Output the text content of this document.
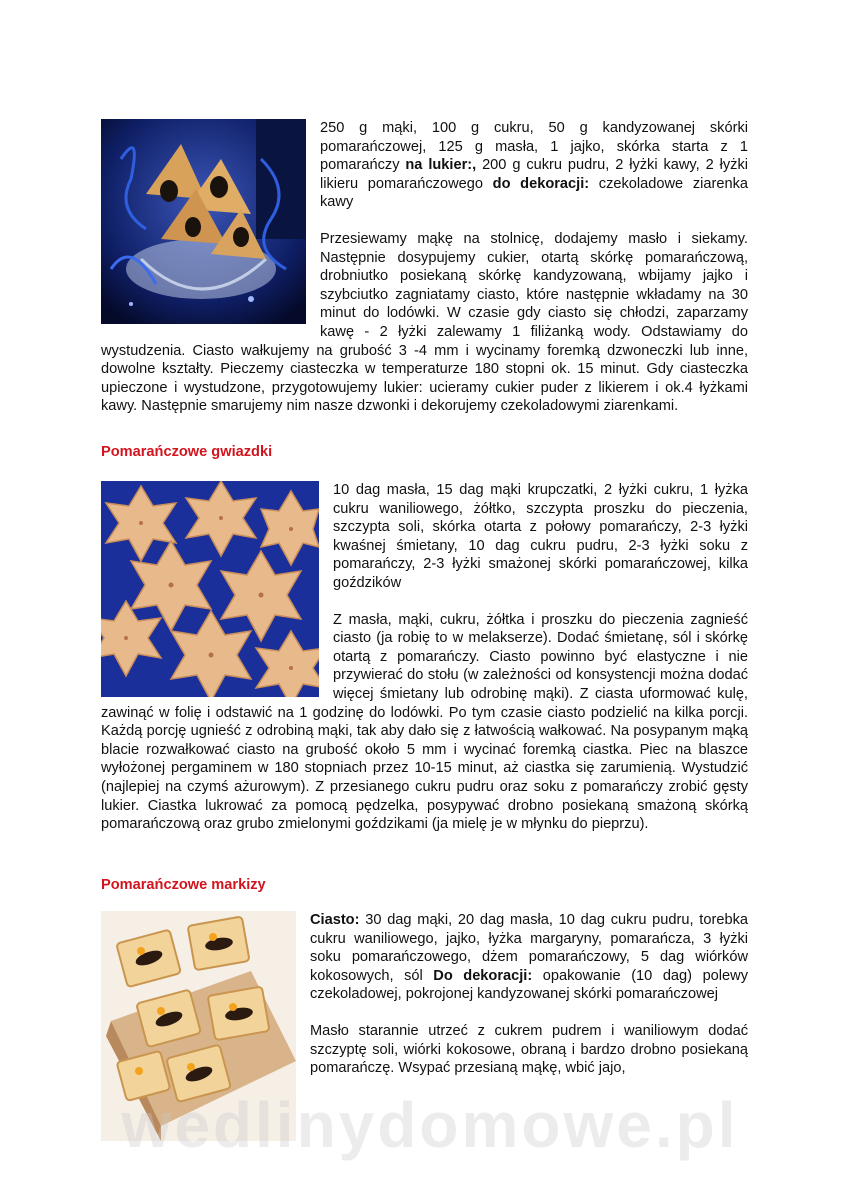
250 g mąki, 100 g cukru, 50 g kandyzowanej skórki pomarańczowej, 125 g masła, 1 jajko, skórka starta z 1 pomarańczy na lukier:, 200 g cukru pudru, 2 łyżki kawy, 2 łyżki likieru pomarańczowego do dekoracji: czekoladowe ziarenka kawy

Przesiewamy mąkę na stolnicę, dodajemy masło i siekamy. Następnie dosypujemy cukier, otartą skórkę pomarańczową, drobniutko posiekaną skórkę kandyzowaną, wbijamy jajko i szybciutko zagniatamy ciasto, które następnie wkładamy na 30 minut do lodówki. W czasie gdy ciasto się chłodzi, zaparzamy kawę - 2 łyżki zalewamy 1 filiżanką wody. Odstawiamy do wystudzenia. Ciasto wałkujemy na grubość 3 -4 mm i wycinamy foremką dzwoneczki lub inne, dowolne kształty. Pieczemy ciasteczka w temperaturze 180 stopni ok. 15 minut. Gdy ciasteczka upieczone i wystudzone, przygotowujemy lukier: ucieramy cukier puder z likierem i ok.4 łyżkami kawy. Następnie smarujemy nim nasze dzwonki i dekorujemy czekoladowymi ziarenkami.

Pomarańczowe gwiazdki

10 dag masła, 15 dag mąki krupczatki, 2 łyżki cukru, 1 łyżka cukru waniliowego, żółtko, szczypta proszku do pieczenia, szczypta soli, skórka otarta z połowy pomarańczy, 2-3 łyżki kwaśnej śmietany, 10 dag cukru pudru, 2-3 łyżki soku z pomarańczy, 2-3 łyżki smażonej skórki pomarańczowej, kilka goździków

Z masła, mąki, cukru, żółtka i proszku do pieczenia zagnieść ciasto (ja robię to w melakserze). Dodać śmietanę, sól i skórkę otartą z pomarańczy. Ciasto powinno być elastyczne i nie przywierać do stołu (w zależności od konsystencji można dodać więcej śmietany lub odrobinę mąki). Z ciasta uformować kulę, zawinąć w folię i odstawić na 1 godzinę do lodówki. Po tym czasie ciasto podzielić na kilka porcji. Każdą porcję ugnieść z odrobiną mąki, tak aby dało się z łatwością wałkować. Na posypanym mąką blacie rozwałkować ciasto na grubość około 5 mm i wycinać foremką ciastka. Piec na blaszce wyłożonej pergaminem w 180 stopniach przez 10-15 minut, aż ciastka się zarumienią. Wystudzić (najlepiej na czymś ażurowym). Z przesianego cukru pudru oraz soku z pomarańczy zrobić gęsty lukier. Ciastka lukrować za pomocą pędzelka, posypywać drobno posiekaną smażoną skórką pomarańczową oraz grubo zmielonymi goździkami (ja mielę je w młynku do pieprzu).

Pomarańczowe markizy

Ciasto: 30 dag mąki, 20 dag masła, 10 dag cukru pudru, torebka cukru waniliowego, jajko, łyżka margaryny, pomarańcza, 3 łyżki soku pomarańczowego, dżem pomarańczowy, 5 dag wiórków kokosowych, sól Do dekoracji: opakowanie (10 dag) polewy czekoladowej, pokrojonej kandyzowanej skórki pomarańczowej

Masło starannie utrzeć z cukrem pudrem i waniliowym dodać szczyptę soli, wiórki kokosowe, obraną i bardzo drobno posiekaną pomarańczę. Wsypać przesianą mąkę, wbić jajo,

wedlinydomowe.pl
